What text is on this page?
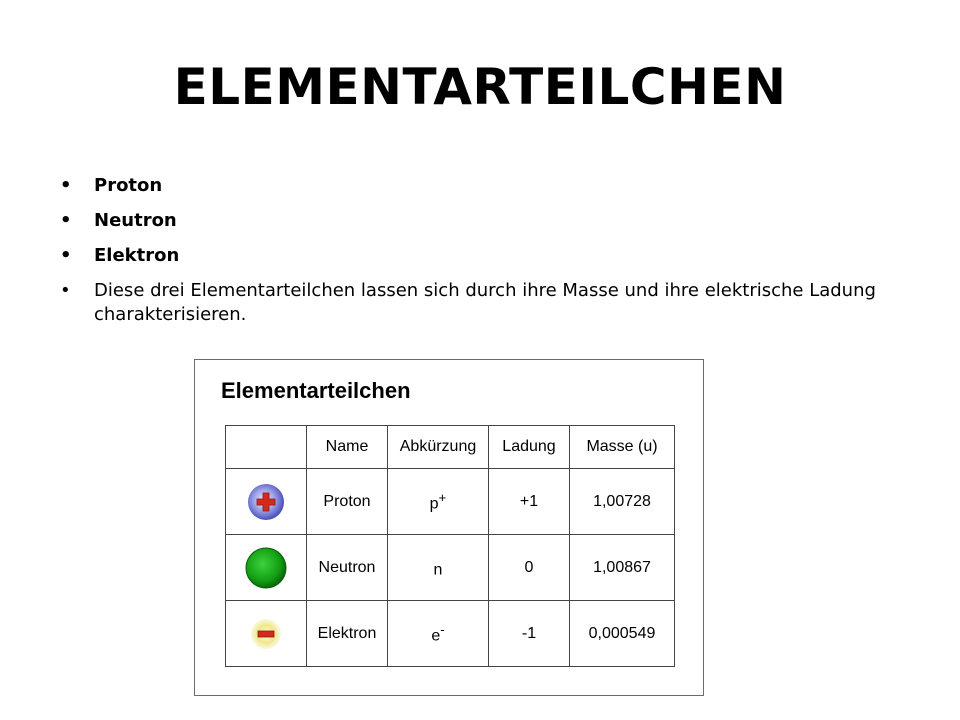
ELEMENTARTEILCHEN
• Proton
• Neutron
• Elektron
• Diese drei Elementarteilchen lassen sich durch ihre Masse und ihre elektrische Ladung charakterisieren.
Elementarteilchen
	Name	Abkürzung	Ladung	Masse (u)

	Proton	p+	+1	1,00728

	Neutron	n	0	1,00867

	Elektron	e-	-1	0,000549
